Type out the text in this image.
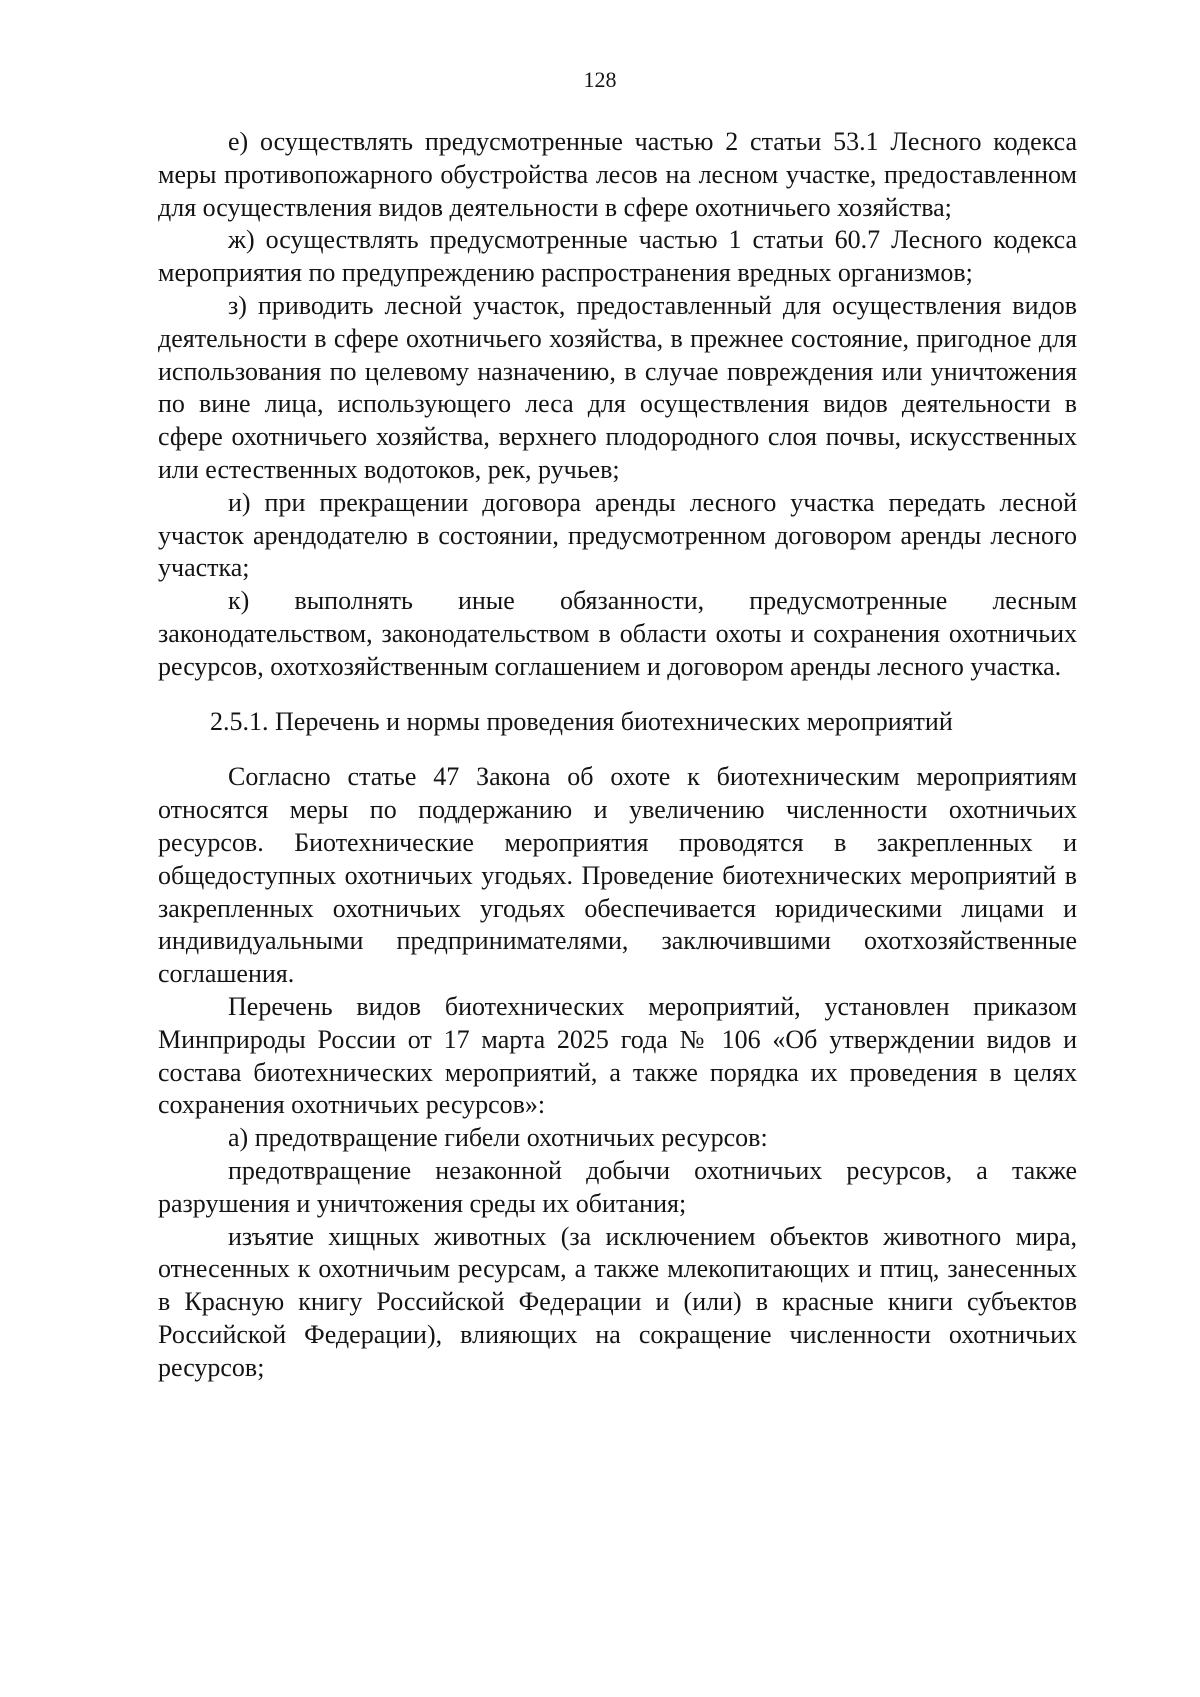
128

е) осуществлять предусмотренные частью 2 статьи 53.1 Лесного кодекса меры противопожарного обустройства лесов на лесном участке, предоставленном для осуществления видов деятельности в сфере охотничьего хозяйства;

ж) осуществлять предусмотренные частью 1 статьи 60.7 Лесного кодекса мероприятия по предупреждению распространения вредных организмов;

з) приводить лесной участок, предоставленный для осуществления видов деятельности в сфере охотничьего хозяйства, в прежнее состояние, пригодное для использования по целевому назначению, в случае повреждения или уничтожения по вине лица, использующего леса для осуществления видов деятельности в сфере охотничьего хозяйства, верхнего плодородного слоя почвы, искусственных или естественных водотоков, рек, ручьев;

и) при прекращении договора аренды лесного участка передать лесной участок арендодателю в состоянии, предусмотренном договором аренды лесного участка;

к) выполнять иные обязанности, предусмотренные лесным законодательством, законодательством в области охоты и сохранения охотничьих ресурсов, охотхозяйственным соглашением и договором аренды лесного участка.

2.5.1. Перечень и нормы проведения биотехнических мероприятий

Согласно статье 47 Закона об охоте к биотехническим мероприятиям относятся меры по поддержанию и увеличению численности охотничьих ресурсов. Биотехнические мероприятия проводятся в закрепленных и общедоступных охотничьих угодьях. Проведение биотехнических мероприятий в закрепленных охотничьих угодьях обеспечивается юридическими лицами и индивидуальными предпринимателями, заключившими охотхозяйственные соглашения.

Перечень видов биотехнических мероприятий, установлен приказом Минприроды России от 17 марта 2025 года № 106 «Об утверждении видов и состава биотехнических мероприятий, а также порядка их проведения в целях сохранения охотничьих ресурсов»:

а) предотвращение гибели охотничьих ресурсов:

предотвращение незаконной добычи охотничьих ресурсов, а также разрушения и уничтожения среды их обитания;

изъятие хищных животных (за исключением объектов животного мира, отнесенных к охотничьим ресурсам, а также млекопитающих и птиц, занесенных в Красную книгу Российской Федерации и (или) в красные книги субъектов Российской Федерации), влияющих на сокращение численности охотничьих ресурсов;
